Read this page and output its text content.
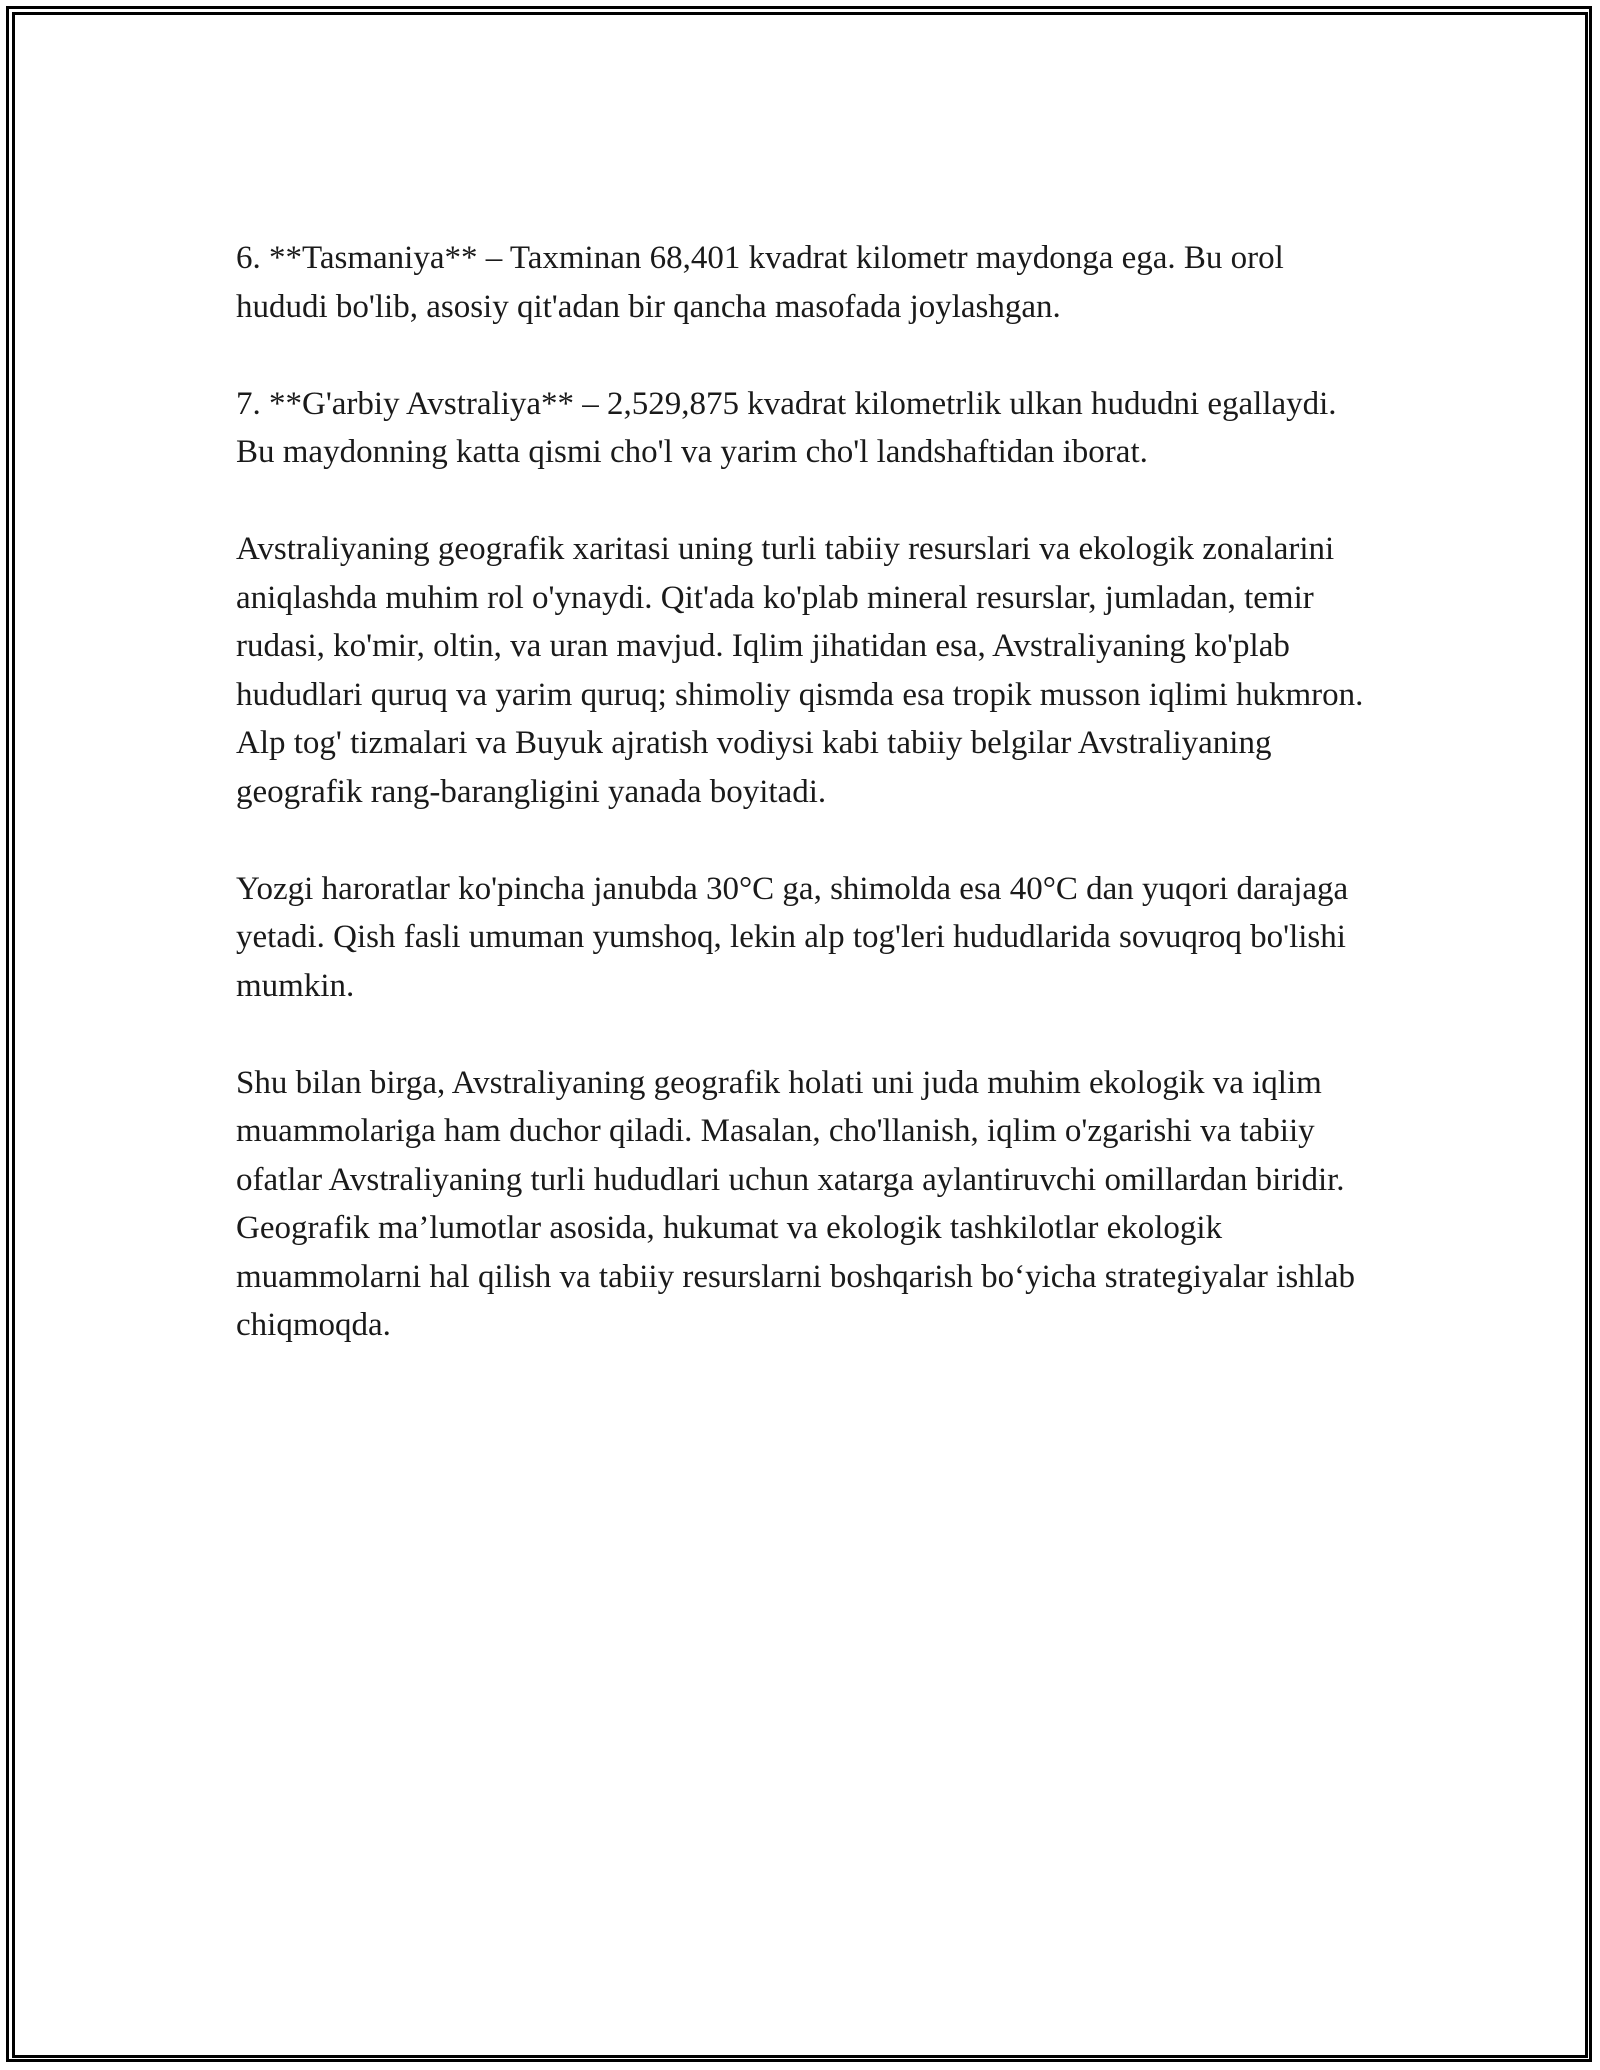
6. **Tasmaniya** – Taxminan 68,401 kvadrat kilometr maydonga ega. Bu orol hududi bo'lib, asosiy qit'adan bir qancha masofada joylashgan.

7. **G'arbiy Avstraliya** – 2,529,875 kvadrat kilometrlik ulkan hududni egallaydi. Bu maydonning katta qismi cho'l va yarim cho'l landshaftidan iborat.

Avstraliyaning geografik xaritasi uning turli tabiiy resurslari va ekologik zonalarini aniqlashda muhim rol o'ynaydi. Qit'ada ko'plab mineral resurslar, jumladan, temir rudasi, ko'mir, oltin, va uran mavjud. Iqlim jihatidan esa, Avstraliyaning ko'plab hududlari quruq va yarim quruq; shimoliy qismda esa tropik musson iqlimi hukmron. Alp tog' tizmalari va Buyuk ajratish vodiysi kabi tabiiy belgilar Avstraliyaning geografik rang-barangligini yanada boyitadi.

Yozgi haroratlar ko'pincha janubda 30°C ga, shimolda esa 40°C dan yuqori darajaga yetadi. Qish fasli umuman yumshoq, lekin alp tog'leri hududlarida sovuqroq bo'lishi mumkin.

Shu bilan birga, Avstraliyaning geografik holati uni juda muhim ekologik va iqlim muammolariga ham duchor qiladi. Masalan, cho'llanish, iqlim o'zgarishi va tabiiy ofatlar Avstraliyaning turli hududlari uchun xatarga aylantiruvchi omillardan biridir. Geografik ma’lumotlar asosida, hukumat va ekologik tashkilotlar ekologik muammolarni hal qilish va tabiiy resurslarni boshqarish bo‘yicha strategiyalar ishlab chiqmoqda.
